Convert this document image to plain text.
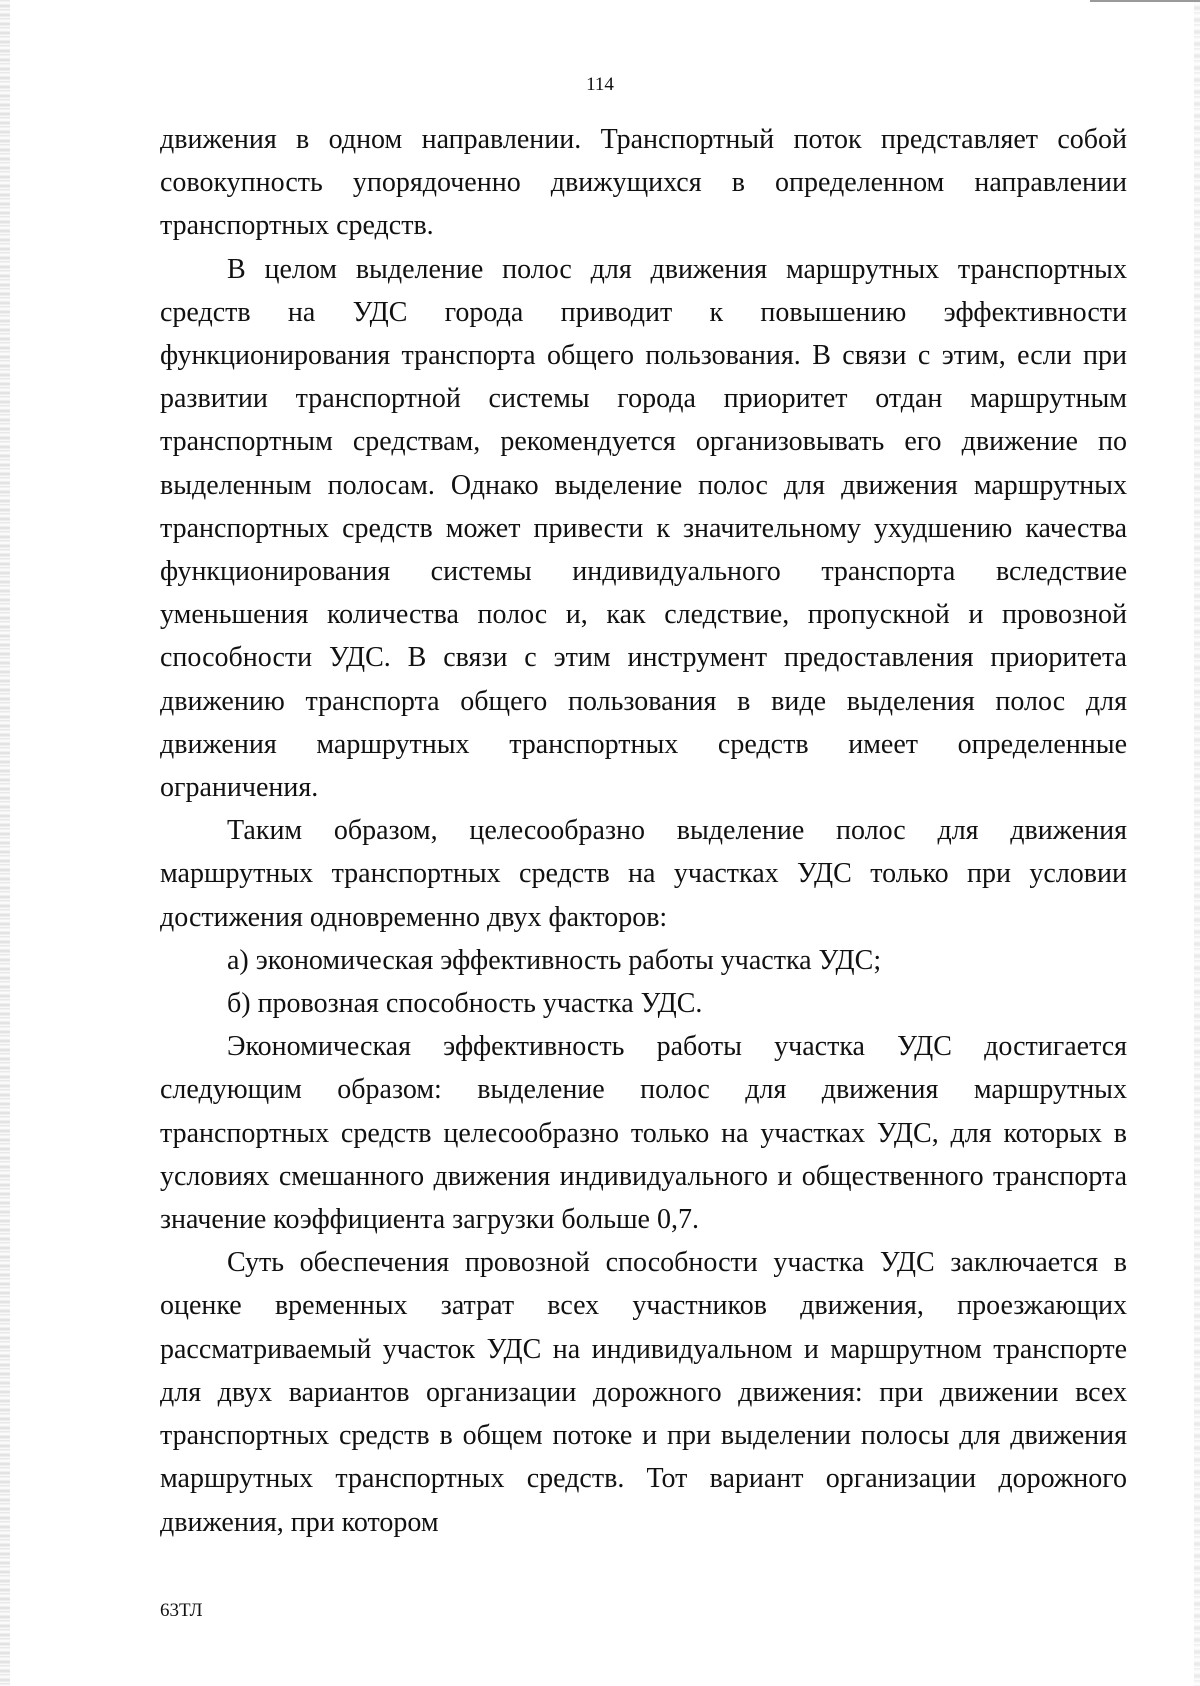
114

движения в одном направлении. Транспортный поток представляет собой совокупность упорядоченно движущихся в определенном направлении транспортных средств.

В целом выделение полос для движения маршрутных транспортных средств на УДС города приводит к повышению эффективности функционирования транспорта общего пользования. В связи с этим, если при развитии транспортной системы города приоритет отдан маршрутным транспортным средствам, рекомендуется организовывать его движение по выделенным полосам. Однако выделение полос для движения маршрутных транспортных средств может привести к значительному ухудшению качества функционирования системы индивидуального транспорта вследствие уменьшения количества полос и, как следствие, пропускной и провозной способности УДС. В связи с этим инструмент предоставления приоритета движению транспорта общего пользования в виде выделения полос для движения маршрутных транспортных средств имеет определенные ограничения.

Таким образом, целесообразно выделение полос для движения маршрутных транспортных средств на участках УДС только при условии достижения одновременно двух факторов:

а) экономическая эффективность работы участка УДС;

б) провозная способность участка УДС.

Экономическая эффективность работы участка УДС достигается следующим образом: выделение полос для движения маршрутных транспортных средств целесообразно только на участках УДС, для которых в условиях смешанного движения индивидуального и общественного транспорта значение коэффициента загрузки больше 0,7.

Суть обеспечения провозной способности участка УДС заключается в оценке временных затрат всех участников движения, проезжающих рассматриваемый участок УДС на индивидуальном и маршрутном транспорте для двух вариантов организации дорожного движения: при движении всех транспортных средств в общем потоке и при выделении полосы для движения маршрутных транспортных средств. Тот вариант организации дорожного движения, при котором

63ТЛ
